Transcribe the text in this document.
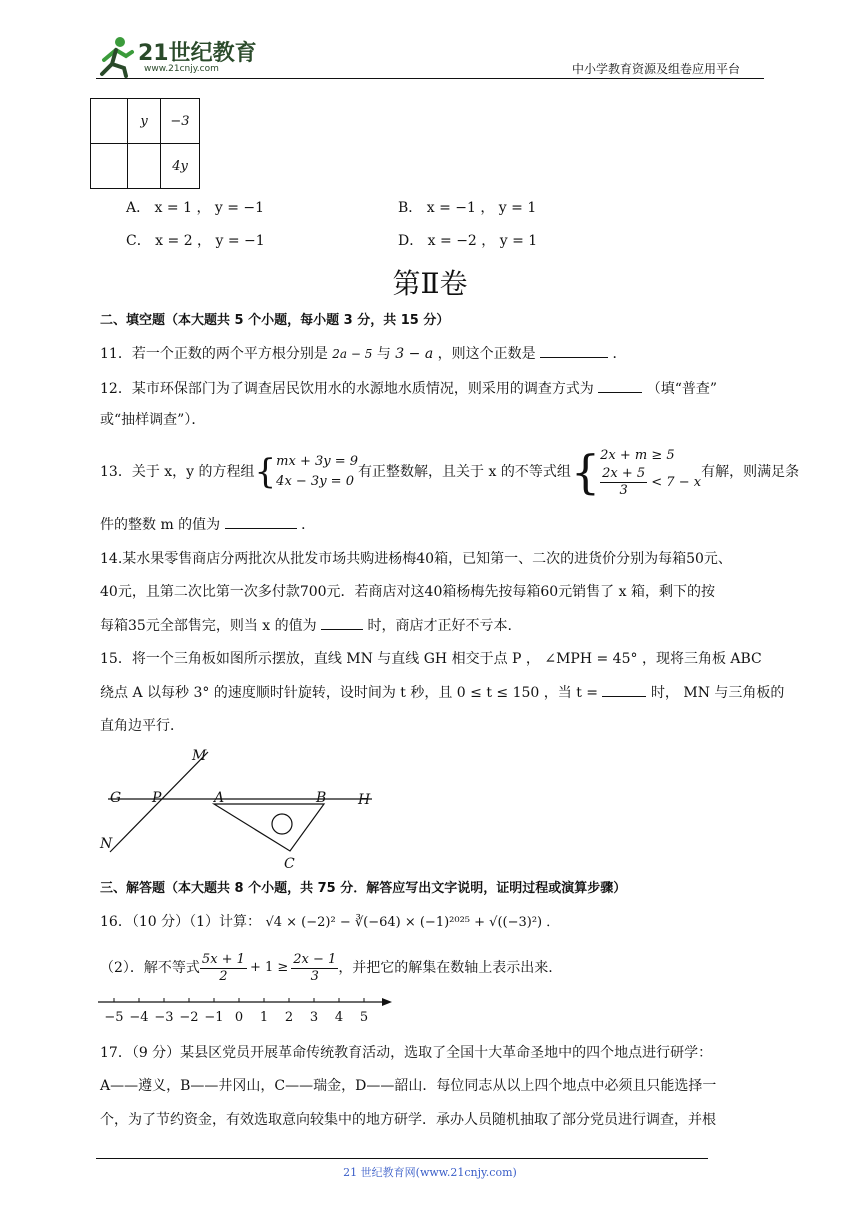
21世纪教育
www.21cnjy.com	中小学教育资源及组卷应用平台
	y	−3
		4y
A． x = 1 ， y = −1	B． x = −1 ， y = 1
C． x = 2 ， y = −1	D． x = −2 ， y = 1
第Ⅱ卷
二、填空题（本大题共 5 个小题，每小题 3 分，共 15 分）
11．若一个正数的两个平方根分别是 2a − 5 与 3 − a ，则这个正数是	．
12．某市环保部门为了调查居民饮用水的水源地水质情况，则采用的调查方式为	（填“普查”
或“抽样调查”）．
13．关于 x，y 的方程组 { mx + 3y = 9
4x − 3y = 0
有正整数解，且关于 x 的不等式组 { 2x + m ≥ 5
$\frac{2x + 5}{3} < 7 - x$
有解，则满足条
件的整数 m 的值为	．
14.某水果零售商店分两批次从批发市场共购进杨梅40箱，已知第一、二次的进货价分别为每箱50元、
40元，且第二次比第一次多付款700元．若商店对这40箱杨梅先按每箱60元销售了 x 箱，剩下的按
每箱35元全部售完，则当 x 的值为	时，商店才正好不亏本.
15．将一个三角板如图所示摆放，直线 MN 与直线 GH 相交于点 P ， ∠MPH = 45° ，现将三角板 ABC
绕点 A 以每秒 3° 的速度顺时针旋转，设时间为 t 秒，且 0 ≤ t ≤ 150 ，当 t =	时， MN 与三角板的
直角边平行．
M
G P	A	B H
N
C
三、解答题（本大题共 8 个小题，共 75 分．解答应写出文字说明，证明过程或演算步骤）
16．（10 分）（1）计算： √4 × (−2)² − ∛(−64) × (−1)²⁰²⁵ + √((−3)²) ．
（2）．解不等式 $\frac{5x + 1}{2} + 1 \ge \frac{2x - 1}{3}$ ，并把它的解集在数轴上表示出来.
−5 −4 −3 −2 −1 0 1 2 3 4 5
17．（9 分）某县区党员开展革命传统教育活动，选取了全国十大革命圣地中的四个地点进行研学：
A——遵义，B——井冈山，C——瑞金，D——韶山．每位同志从以上四个地点中必须且只能选择一
个，为了节约资金，有效选取意向较集中的地方研学．承办人员随机抽取了部分党员进行调查，并根
21 世纪教育网(www.21cnjy.com)
